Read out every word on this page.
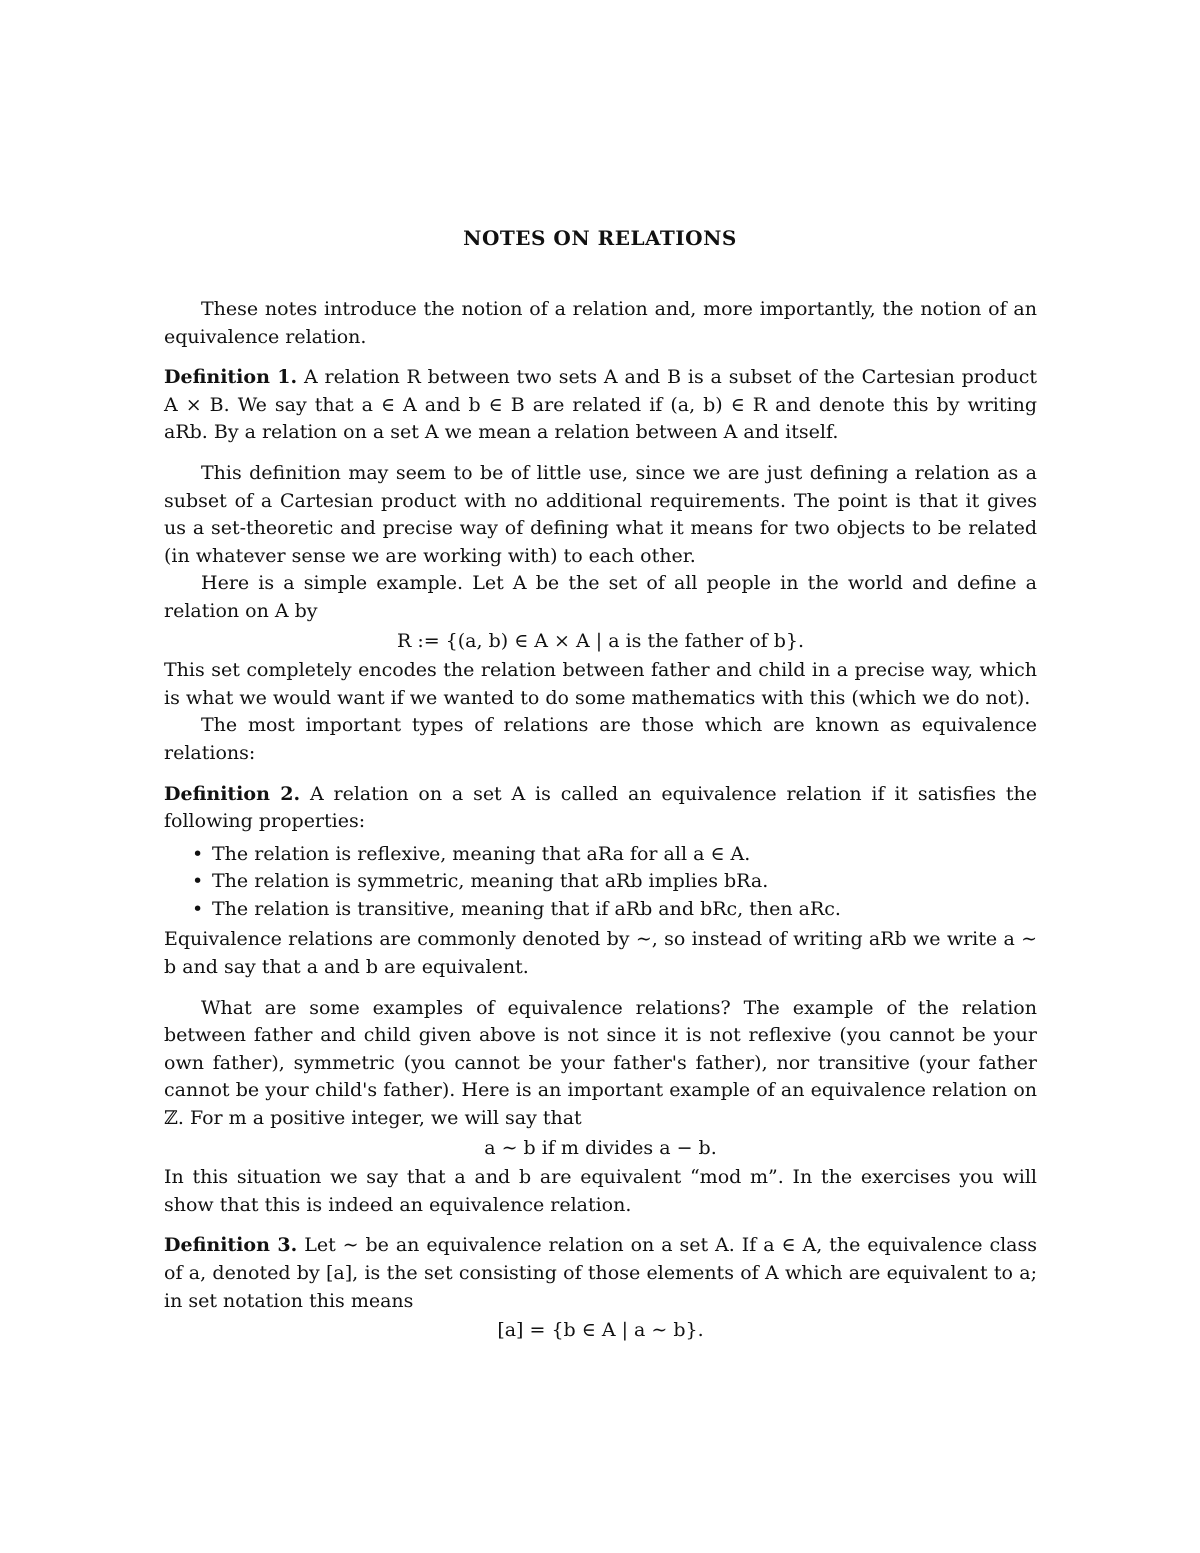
NOTES ON RELATIONS

These notes introduce the notion of a relation and, more importantly, the notion of an equivalence relation.

Definition 1. A relation R between two sets A and B is a subset of the Cartesian product A × B. We say that a ∈ A and b ∈ B are related if (a, b) ∈ R and denote this by writing aRb. By a relation on a set A we mean a relation between A and itself.

This definition may seem to be of little use, since we are just defining a relation as a subset of a Cartesian product with no additional requirements. The point is that it gives us a set-theoretic and precise way of defining what it means for two objects to be related (in whatever sense we are working with) to each other.

Here is a simple example. Let A be the set of all people in the world and define a relation on A by

R := {(a, b) ∈ A × A | a is the father of b}.

This set completely encodes the relation between father and child in a precise way, which is what we would want if we wanted to do some mathematics with this (which we do not).

The most important types of relations are those which are known as equivalence relations:

Definition 2. A relation on a set A is called an equivalence relation if it satisfies the following properties:

• The relation is reflexive, meaning that aRa for all a ∈ A.
• The relation is symmetric, meaning that aRb implies bRa.
• The relation is transitive, meaning that if aRb and bRc, then aRc.

Equivalence relations are commonly denoted by ∼, so instead of writing aRb we write a ∼ b and say that a and b are equivalent.

What are some examples of equivalence relations? The example of the relation between father and child given above is not since it is not reflexive (you cannot be your own father), symmetric (you cannot be your father's father), nor transitive (your father cannot be your child's father). Here is an important example of an equivalence relation on ℤ. For m a positive integer, we will say that

a ∼ b if m divides a − b.

In this situation we say that a and b are equivalent “mod m”. In the exercises you will show that this is indeed an equivalence relation.

Definition 3. Let ∼ be an equivalence relation on a set A. If a ∈ A, the equivalence class of a, denoted by [a], is the set consisting of those elements of A which are equivalent to a; in set notation this means

[a] = {b ∈ A | a ∼ b}.
